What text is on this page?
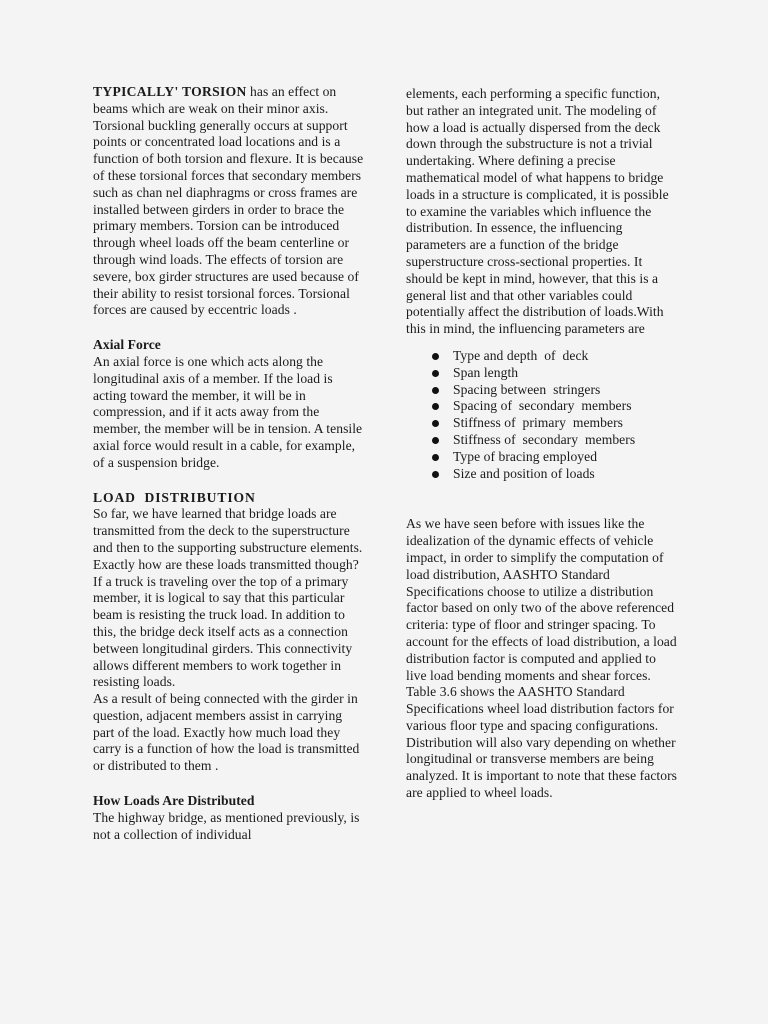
TYPICALLY' TORSION has an effect on beams which are weak on their minor axis. Torsional buckling generally occurs at support points or concentrated load locations and is a function of both torsion and flexure. It is because of these torsional forces that secondary members such as chan nel diaphragms or cross frames are installed between girders in order to brace the primary members. Torsion can be introduced through wheel loads off the beam centerline or through wind loads. The effects of torsion are severe, box girder structures are used because of their ability to resist torsional forces. Torsional forces are caused by eccentric loads .

Axial Force

An axial force is one which acts along the longitudinal axis of a member. If the load is acting toward the member, it will be in compression, and if it acts away from the member, the member will be in tension. A tensile axial force would result in a cable, for example, of a suspension bridge.

LOAD  DISTRIBUTION

So far, we have learned that bridge loads are transmitted from the deck to the superstructure and then to the supporting substructure elements. Exactly how are these loads transmitted though? If a truck is traveling over the top of a primary member, it is logical to say that this particular beam is resisting the truck load. In addition to this, the bridge deck itself acts as a connection between longitudinal girders. This connectivity allows different members to work together in resisting loads.

As a result of being connected with the girder in question, adjacent members assist in carrying part of the load. Exactly how much load they carry is a function of how the load is transmitted or distributed to them .

How Loads Are Distributed

The highway bridge, as mentioned previously, is not a collection of individual

elements, each performing a specific function, but rather an integrated unit. The modeling of how a load is actually dispersed from the deck down through the substructure is not a trivial undertaking. Where defining a precise mathematical model of what happens to bridge loads in a structure is complicated, it is possible to examine the variables which influence the distribution. In essence, the influencing parameters are a function of the bridge superstructure cross-sectional properties. It should be kept in mind, however, that this is a general list and that other variables could potentially affect the distribution of loads.With this in mind, the influencing parameters are

Type and depth  of  deck
Span length
Spacing between  stringers
Spacing of  secondary  members
Stiffness of  primary  members
Stiffness of  secondary  members
Type of bracing employed
Size and position of loads

As we have seen before with issues like the idealization of the dynamic effects of vehicle impact, in order to simplify the computation of load distribution, AASHTO Standard Specifications choose to utilize a distribution factor based on only two of the above referenced criteria: type of floor and stringer spacing. To account for the effects of load distribution, a load distribution factor is computed and applied to live load bending moments and shear forces.

Table 3.6 shows the AASHTO Standard Specifications wheel load distribution factors for various floor type and spacing configurations. Distribution will also vary depending on whether longitudinal or transverse members are being analyzed. It is important to note that these factors are applied to wheel loads.
